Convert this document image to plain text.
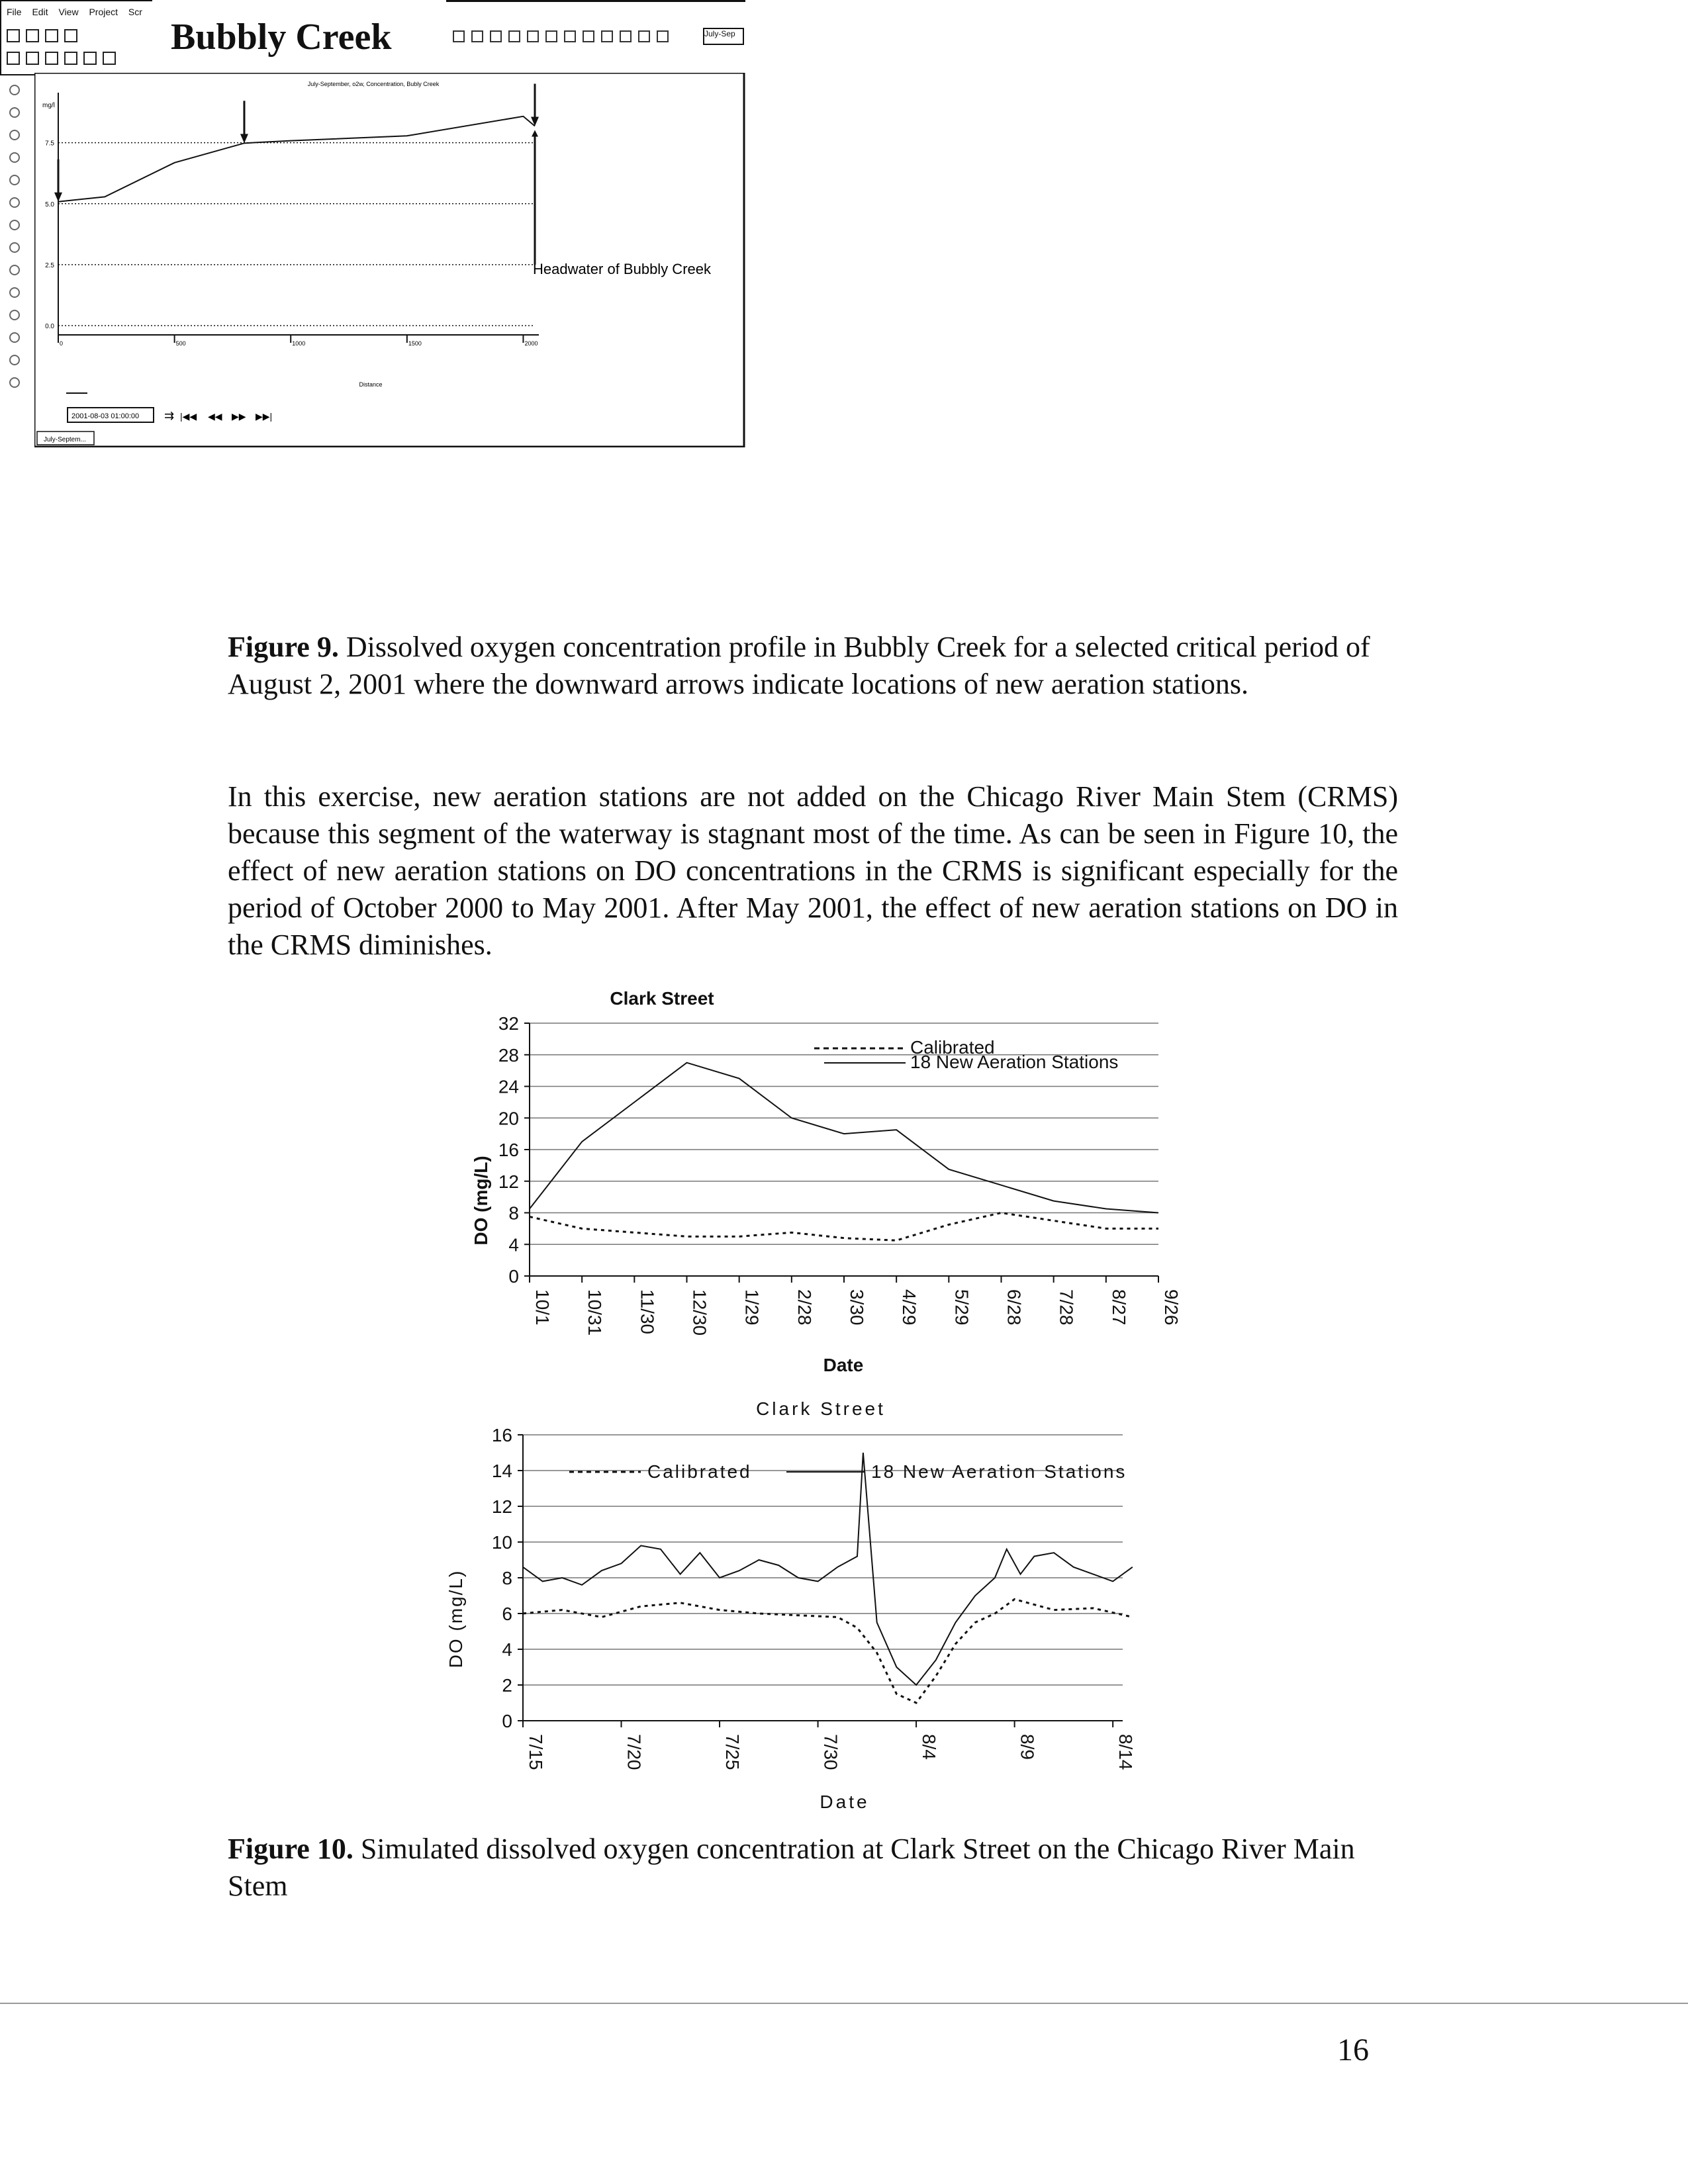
File Edit View Project Scr
Bubbly Creek	July-Sep
July-September, o2w, Concentration, Bubly Creek
mg/l
Distance
Headwater of Bubbly Creek
0.0
2.5
5.0
7.5
0	500	1000	1500	2000
2001-08-03 01:00:00 ⇉ |◀◀ ◀◀ ▶▶ ▶▶|
July-Septem...
Figure 9. Dissolved oxygen concentration profile in Bubbly Creek for a selected critical period of August 2, 2001 where the downward arrows indicate locations of new aeration stations.
In this exercise, new aeration stations are not added on the Chicago River Main Stem (CRMS) because this segment of the waterway is stagnant most of the time. As can be seen in Figure 10, the effect of new aeration stations on DO concentrations in the CRMS is significant especially for the period of October 2000 to May 2001. After May 2001, the effect of new aeration stations on DO in the CRMS diminishes.
Clark Street
DO (mg/L)
Date
0
4
8
12
16
20
24
28
32
10/1 10/31 11/30 12/30 1/29 2/28 3/30 4/29 5/29 6/28 7/28 8/27 9/26
Calibrated
18 New Aeration Stations
Clark Street
DO (mg/L)
Date
0
2
4
6
8
10
12
14
16
7/15	7/20	7/25	7/30	8/4	8/9	8/14
Calibrated	18 New Aeration Stations
Figure 10. Simulated dissolved oxygen concentration at Clark Street on the Chicago River Main Stem
16
